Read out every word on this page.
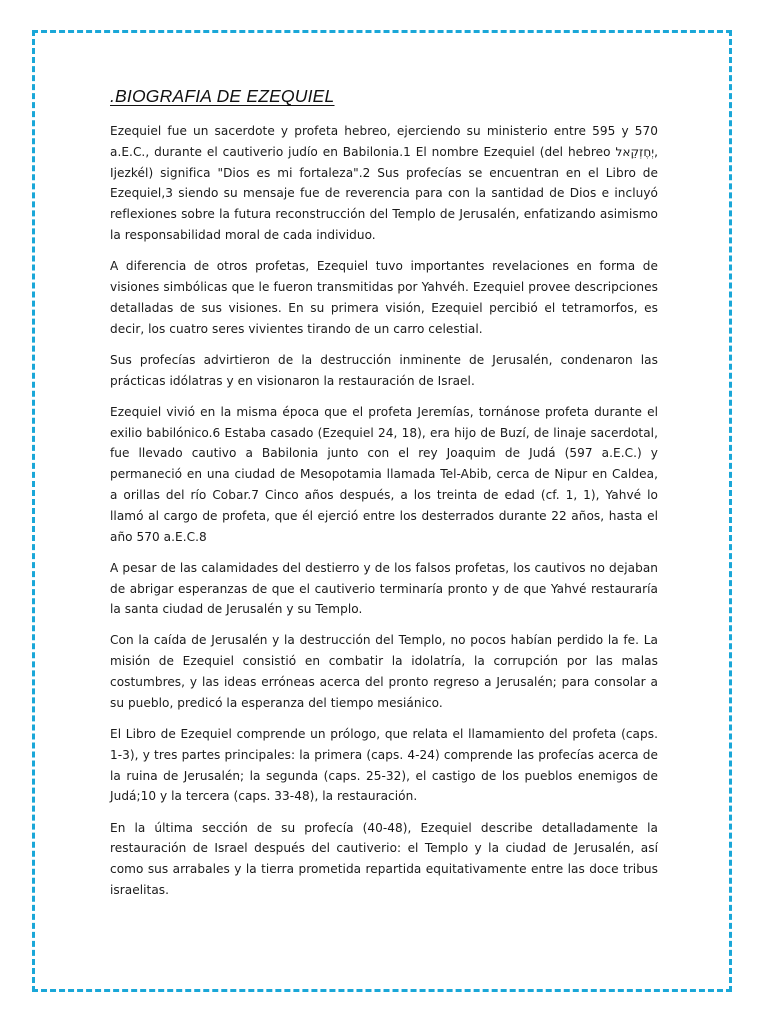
.BIOGRAFIA DE EZEQUIEL

Ezequiel fue un sacerdote y profeta hebreo, ejerciendo su ministerio entre 595 y 570 a.E.C., durante el cautiverio judío en Babilonia.1 El nombre Ezequiel (del hebreo יְחֶזְקֵאל, Ijezkél) significa "Dios es mi fortaleza".2 Sus profecías se encuentran en el Libro de Ezequiel,3 siendo su mensaje fue de reverencia para con la santidad de Dios e incluyó reflexiones sobre la futura reconstrucción del Templo de Jerusalén, enfatizando asimismo la responsabilidad moral de cada individuo.

A diferencia de otros profetas, Ezequiel tuvo importantes revelaciones en forma de visiones simbólicas que le fueron transmitidas por Yahvéh. Ezequiel provee descripciones detalladas de sus visiones. En su primera visión, Ezequiel percibió el tetramorfos, es decir, los cuatro seres vivientes tirando de un carro celestial.

Sus profecías advirtieron de la destrucción inminente de Jerusalén, condenaron las prácticas idólatras y en visionaron la restauración de Israel.

Ezequiel vivió en la misma época que el profeta Jeremías, tornánose profeta durante el exilio babilónico.6 Estaba casado (Ezequiel 24, 18), era hijo de Buzí, de linaje sacerdotal, fue llevado cautivo a Babilonia junto con el rey Joaquim de Judá (597 a.E.C.) y permaneció en una ciudad de Mesopotamia llamada Tel-Abib, cerca de Nipur en Caldea, a orillas del río Cobar.7 Cinco años después, a los treinta de edad (cf. 1, 1), Yahvé lo llamó al cargo de profeta, que él ejerció entre los desterrados durante 22 años, hasta el año 570 a.E.C.8

A pesar de las calamidades del destierro y de los falsos profetas, los cautivos no dejaban de abrigar esperanzas de que el cautiverio terminaría pronto y de que Yahvé restauraría la santa ciudad de Jerusalén y su Templo.

Con la caída de Jerusalén y la destrucción del Templo, no pocos habían perdido la fe. La misión de Ezequiel consistió en combatir la idolatría, la corrupción por las malas costumbres, y las ideas erróneas acerca del pronto regreso a Jerusalén; para consolar a su pueblo, predicó la esperanza del tiempo mesiánico.

El Libro de Ezequiel comprende un prólogo, que relata el llamamiento del profeta (caps. 1-3), y tres partes principales: la primera (caps. 4-24) comprende las profecías acerca de la ruina de Jerusalén; la segunda (caps. 25-32), el castigo de los pueblos enemigos de Judá;10 y la tercera (caps. 33-48), la restauración.

En la última sección de su profecía (40-48), Ezequiel describe detalladamente la restauración de Israel después del cautiverio: el Templo y la ciudad de Jerusalén, así como sus arrabales y la tierra prometida repartida equitativamente entre las doce tribus israelitas.
